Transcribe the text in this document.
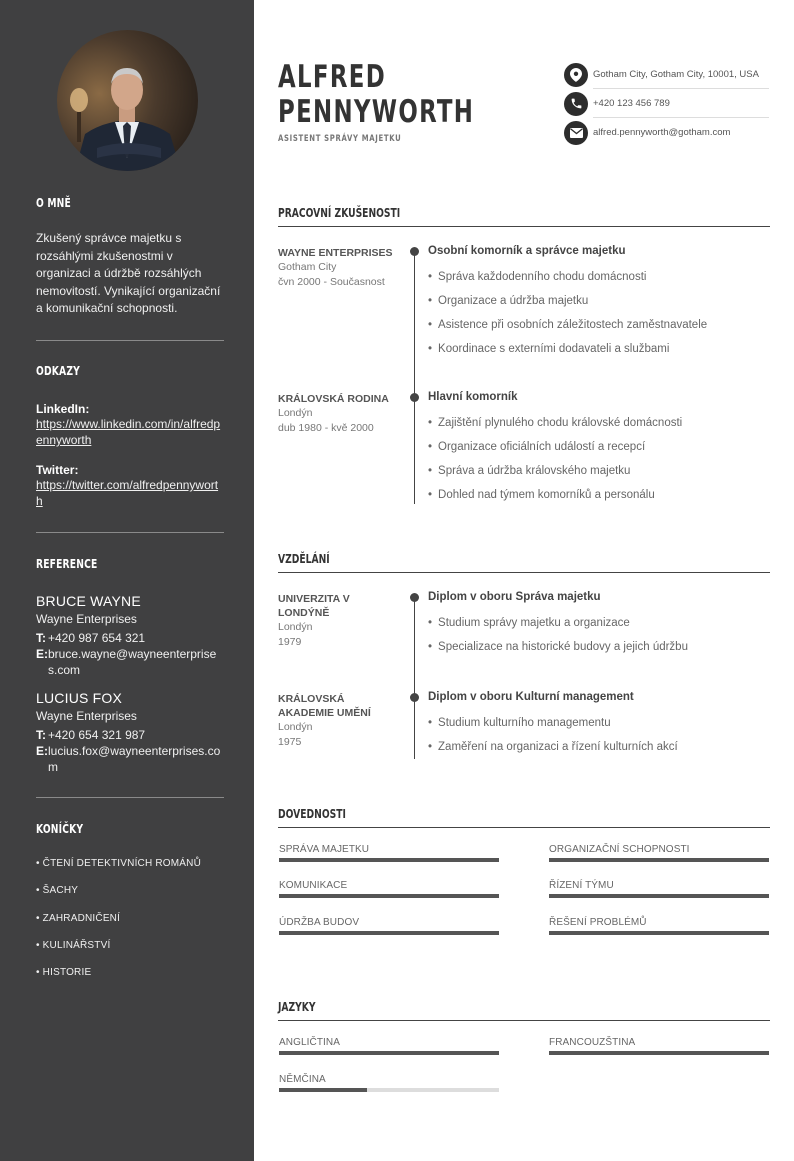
O MNĚ
Zkušený správce majetku s rozsáhlými zkušenostmi v organizaci a údržbě rozsáhlých nemovitostí. Vynikající organizační a komunikační schopnosti.
ODKAZY
LinkedIn:
https://www.linkedin.com/in/alfredpennyworth
Twitter:
https://twitter.com/alfredpennyworth
REFERENCE
BRUCE WAYNE
Wayne Enterprises
T: +420 987 654 321
E: bruce.wayne@wayneenterprises.com
LUCIUS FOX
Wayne Enterprises
T: +420 654 321 987
E: lucius.fox@wayneenterprises.com
KONÍČKY
• ČTENÍ DETEKTIVNÍCH ROMÁNŮ
• ŠACHY
• ZAHRADNIČENÍ
• KULINÁŘSTVÍ
• HISTORIE
ALFRED
PENNYWORTH
ASISTENT SPRÁVY MAJETKU
Gotham City, Gotham City, 10001, USA
+420 123 456 789
alfred.pennyworth@gotham.com
PRACOVNÍ ZKUŠENOSTI
WAYNE ENTERPRISES
Gotham City
čvn 2000 - Současnost
Osobní komorník a správce majetku
• Správa každodenního chodu domácnosti
• Organizace a údržba majetku
• Asistence při osobních záležitostech zaměstnavatele
• Koordinace s externími dodavateli a službami
KRÁLOVSKÁ RODINA
Londýn
dub 1980 - kvě 2000
Hlavní komorník
• Zajištění plynulého chodu královské domácnosti
• Organizace oficiálních událostí a recepcí
• Správa a údržba královského majetku
• Dohled nad týmem komorníků a personálu
VZDĚLÁNÍ
UNIVERZITA V LONDÝNĚ
Londýn
1979
Diplom v oboru Správa majetku
• Studium správy majetku a organizace
• Specializace na historické budovy a jejich údržbu
KRÁLOVSKÁ AKADEMIE UMĚNÍ
Londýn
1975
Diplom v oboru Kulturní management
• Studium kulturního managementu
• Zaměření na organizaci a řízení kulturních akcí
DOVEDNOSTI
SPRÁVA MAJETKU	ORGANIZAČNÍ SCHOPNOSTI
KOMUNIKACE	ŘÍZENÍ TÝMU
ÚDRŽBA BUDOV	ŘEŠENÍ PROBLÉMŮ
JAZYKY
ANGLIČTINA	FRANCOUZŠTINA
NĚMČINA
